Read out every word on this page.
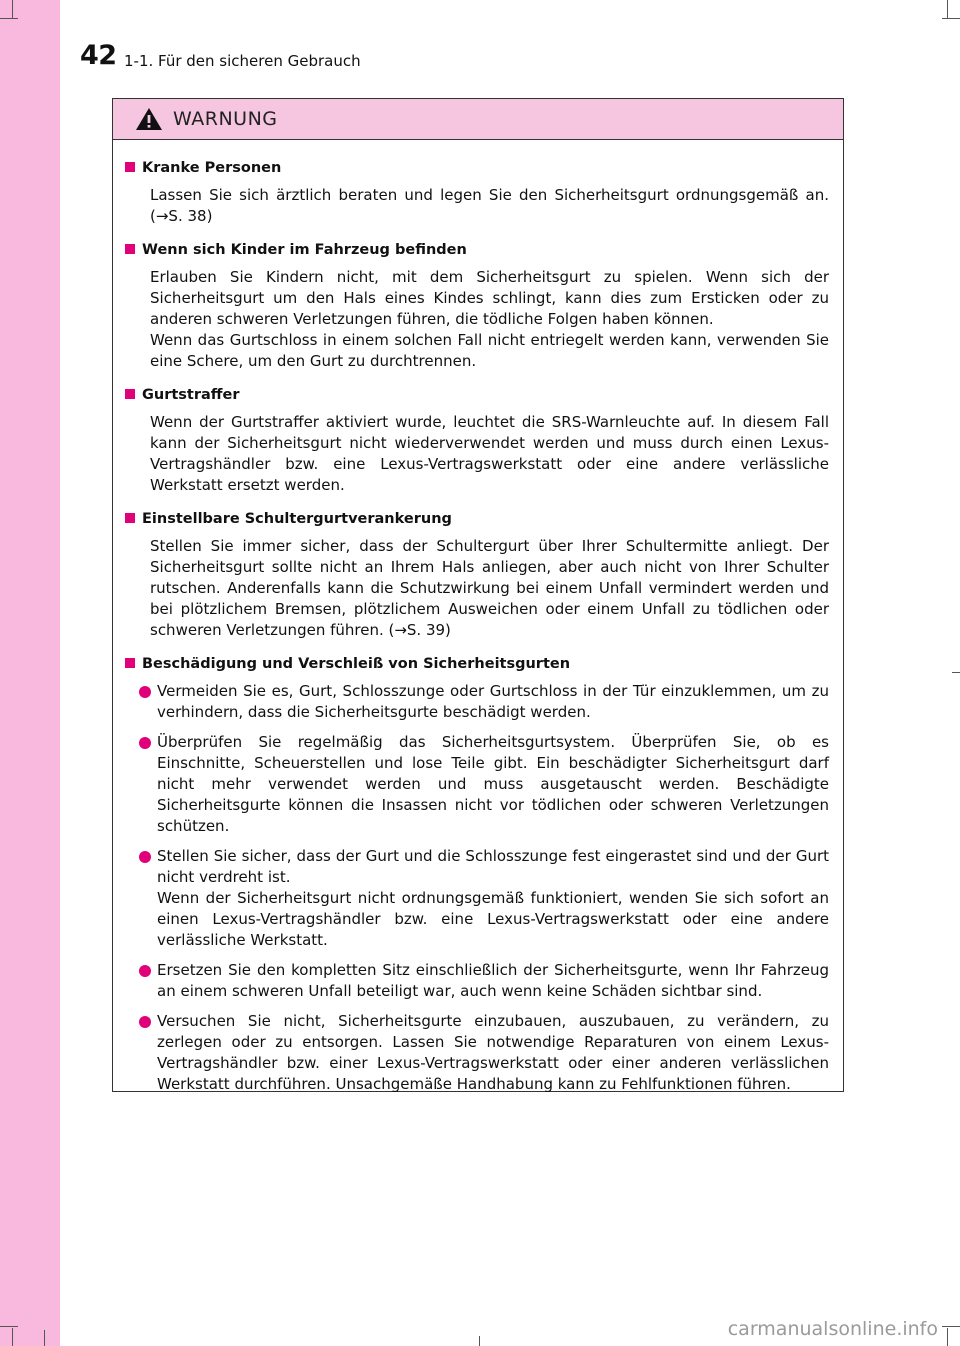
42 1-1. Für den sicheren Gebrauch
WARNUNG
Kranke Personen
Lassen Sie sich ärztlich beraten und legen Sie den Sicherheitsgurt ordnungsgemäß an. (→S. 38)
Wenn sich Kinder im Fahrzeug befinden
Erlauben Sie Kindern nicht, mit dem Sicherheitsgurt zu spielen. Wenn sich der Sicherheitsgurt um den Hals eines Kindes schlingt, kann dies zum Ersticken oder zu anderen schweren Verletzungen führen, die tödliche Folgen haben können.
Wenn das Gurtschloss in einem solchen Fall nicht entriegelt werden kann, verwenden Sie eine Schere, um den Gurt zu durchtrennen.
Gurtstraffer
Wenn der Gurtstraffer aktiviert wurde, leuchtet die SRS-Warnleuchte auf. In diesem Fall kann der Sicherheitsgurt nicht wiederverwendet werden und muss durch einen Lexus-Vertragshändler bzw. eine Lexus-Vertragswerkstatt oder eine andere verlässliche Werkstatt ersetzt werden.
Einstellbare Schultergurtverankerung
Stellen Sie immer sicher, dass der Schultergurt über Ihrer Schultermitte anliegt. Der Sicherheitsgurt sollte nicht an Ihrem Hals anliegen, aber auch nicht von Ihrer Schulter rutschen. Anderenfalls kann die Schutzwirkung bei einem Unfall vermindert werden und bei plötzlichem Bremsen, plötzlichem Ausweichen oder einem Unfall zu tödlichen oder schweren Verletzungen führen. (→S. 39)
Beschädigung und Verschleiß von Sicherheitsgurten
Vermeiden Sie es, Gurt, Schlosszunge oder Gurtschloss in der Tür einzuklemmen, um zu verhindern, dass die Sicherheitsgurte beschädigt werden.
Überprüfen Sie regelmäßig das Sicherheitsgurtsystem. Überprüfen Sie, ob es Einschnitte, Scheuerstellen und lose Teile gibt. Ein beschädigter Sicherheitsgurt darf nicht mehr verwendet werden und muss ausgetauscht werden. Beschädigte Sicherheitsgurte können die Insassen nicht vor tödlichen oder schweren Verletzungen schützen.
Stellen Sie sicher, dass der Gurt und die Schlosszunge fest eingerastet sind und der Gurt nicht verdreht ist.
Wenn der Sicherheitsgurt nicht ordnungsgemäß funktioniert, wenden Sie sich sofort an einen Lexus-Vertragshändler bzw. eine Lexus-Vertragswerkstatt oder eine andere verlässliche Werkstatt.
Ersetzen Sie den kompletten Sitz einschließlich der Sicherheitsgurte, wenn Ihr Fahrzeug an einem schweren Unfall beteiligt war, auch wenn keine Schäden sichtbar sind.
Versuchen Sie nicht, Sicherheitsgurte einzubauen, auszubauen, zu verändern, zu zerlegen oder zu entsorgen. Lassen Sie notwendige Reparaturen von einem Lexus-Vertragshändler bzw. einer Lexus-Vertragswerkstatt oder einer anderen verlässlichen Werkstatt durchführen. Unsachgemäße Handhabung kann zu Fehlfunktionen führen.
carmanualsonline.info
